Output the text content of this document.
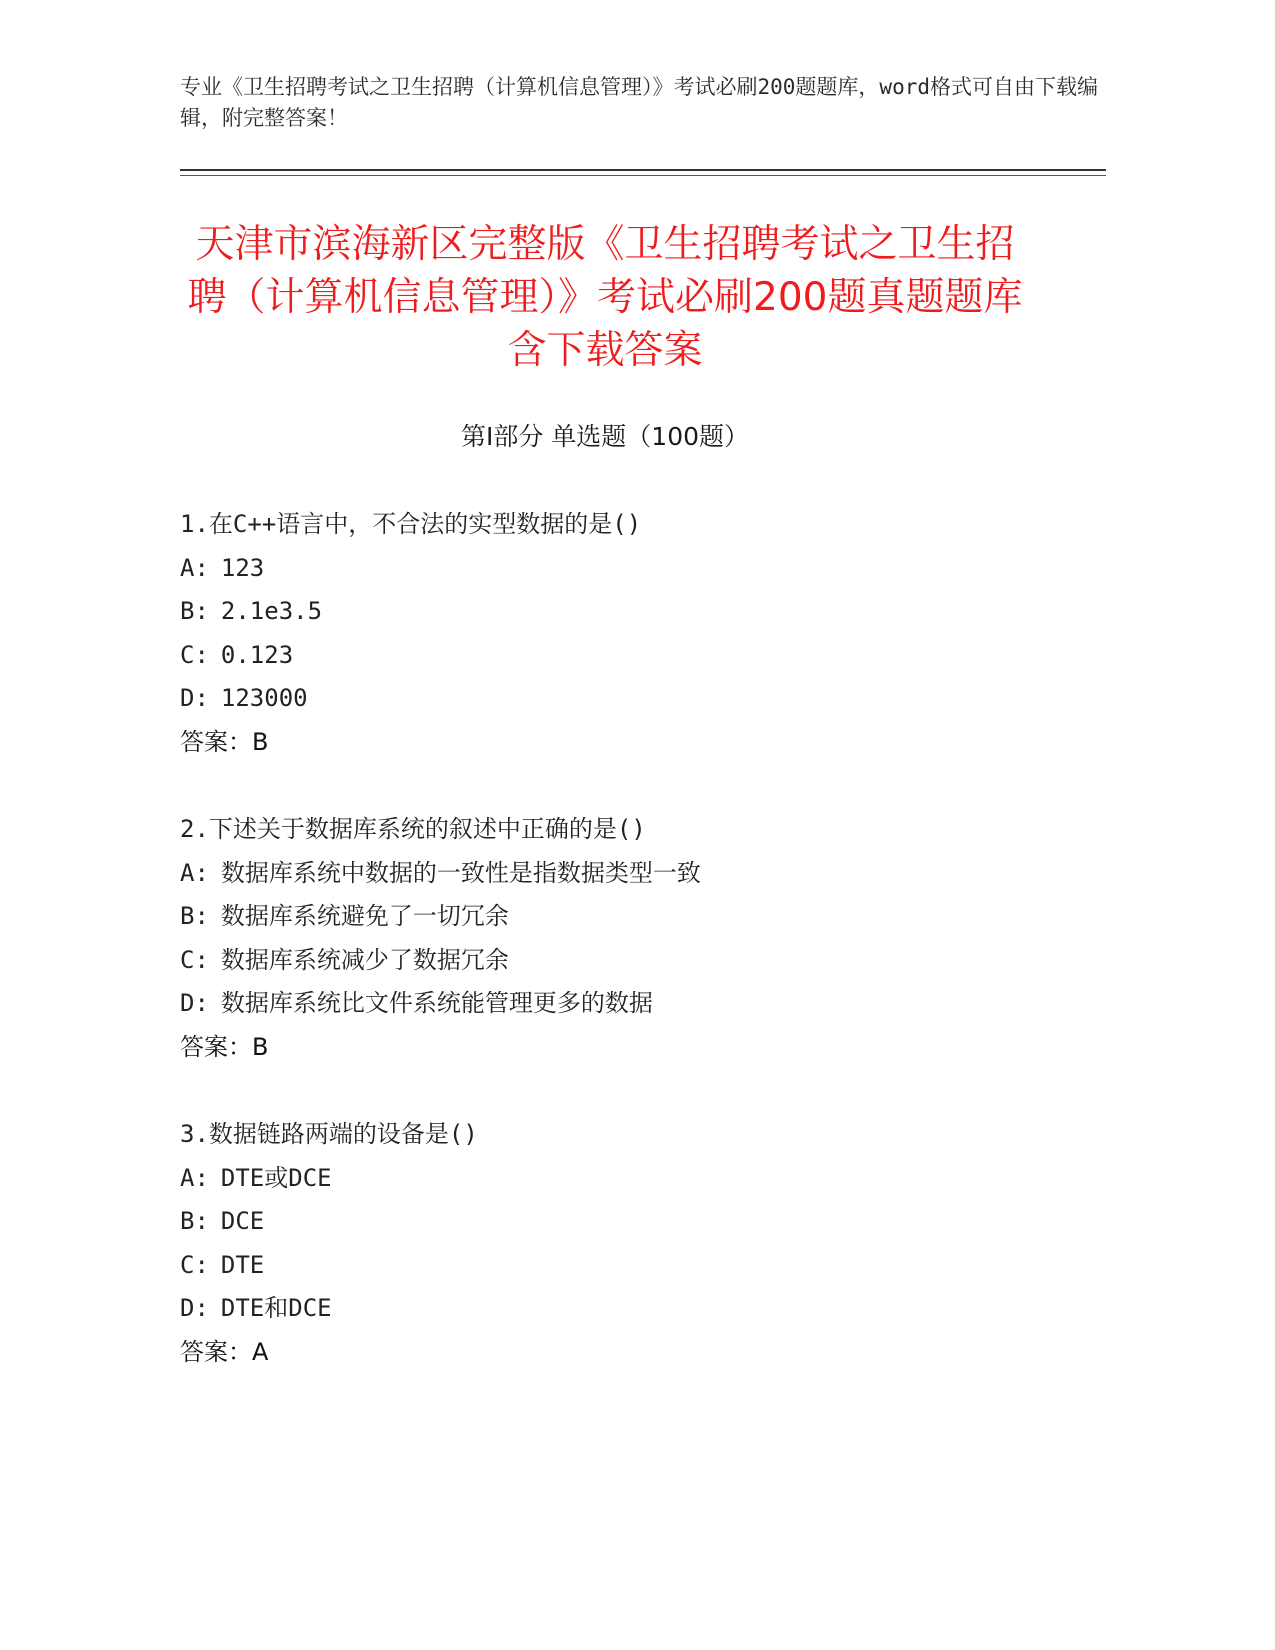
专业《卫生招聘考试之卫生招聘（计算机信息管理）》考试必刷200题题库，word格式可自由下载编辑，附完整答案！
天津市滨海新区完整版《卫生招聘考试之卫生招聘（计算机信息管理）》考试必刷200题真题题库含下载答案
第Ⅰ部分 单选题（100题）
1.在C++语言中，不合法的实型数据的是()
A: 123
B: 2.1e3.5
C: 0.123
D: 123000
答案：B
2.下述关于数据库系统的叙述中正确的是()
A: 数据库系统中数据的一致性是指数据类型一致
B: 数据库系统避免了一切冗余
C: 数据库系统减少了数据冗余
D: 数据库系统比文件系统能管理更多的数据
答案：B
3.数据链路两端的设备是()
A: DTE或DCE
B: DCE
C: DTE
D: DTE和DCE
答案：A
